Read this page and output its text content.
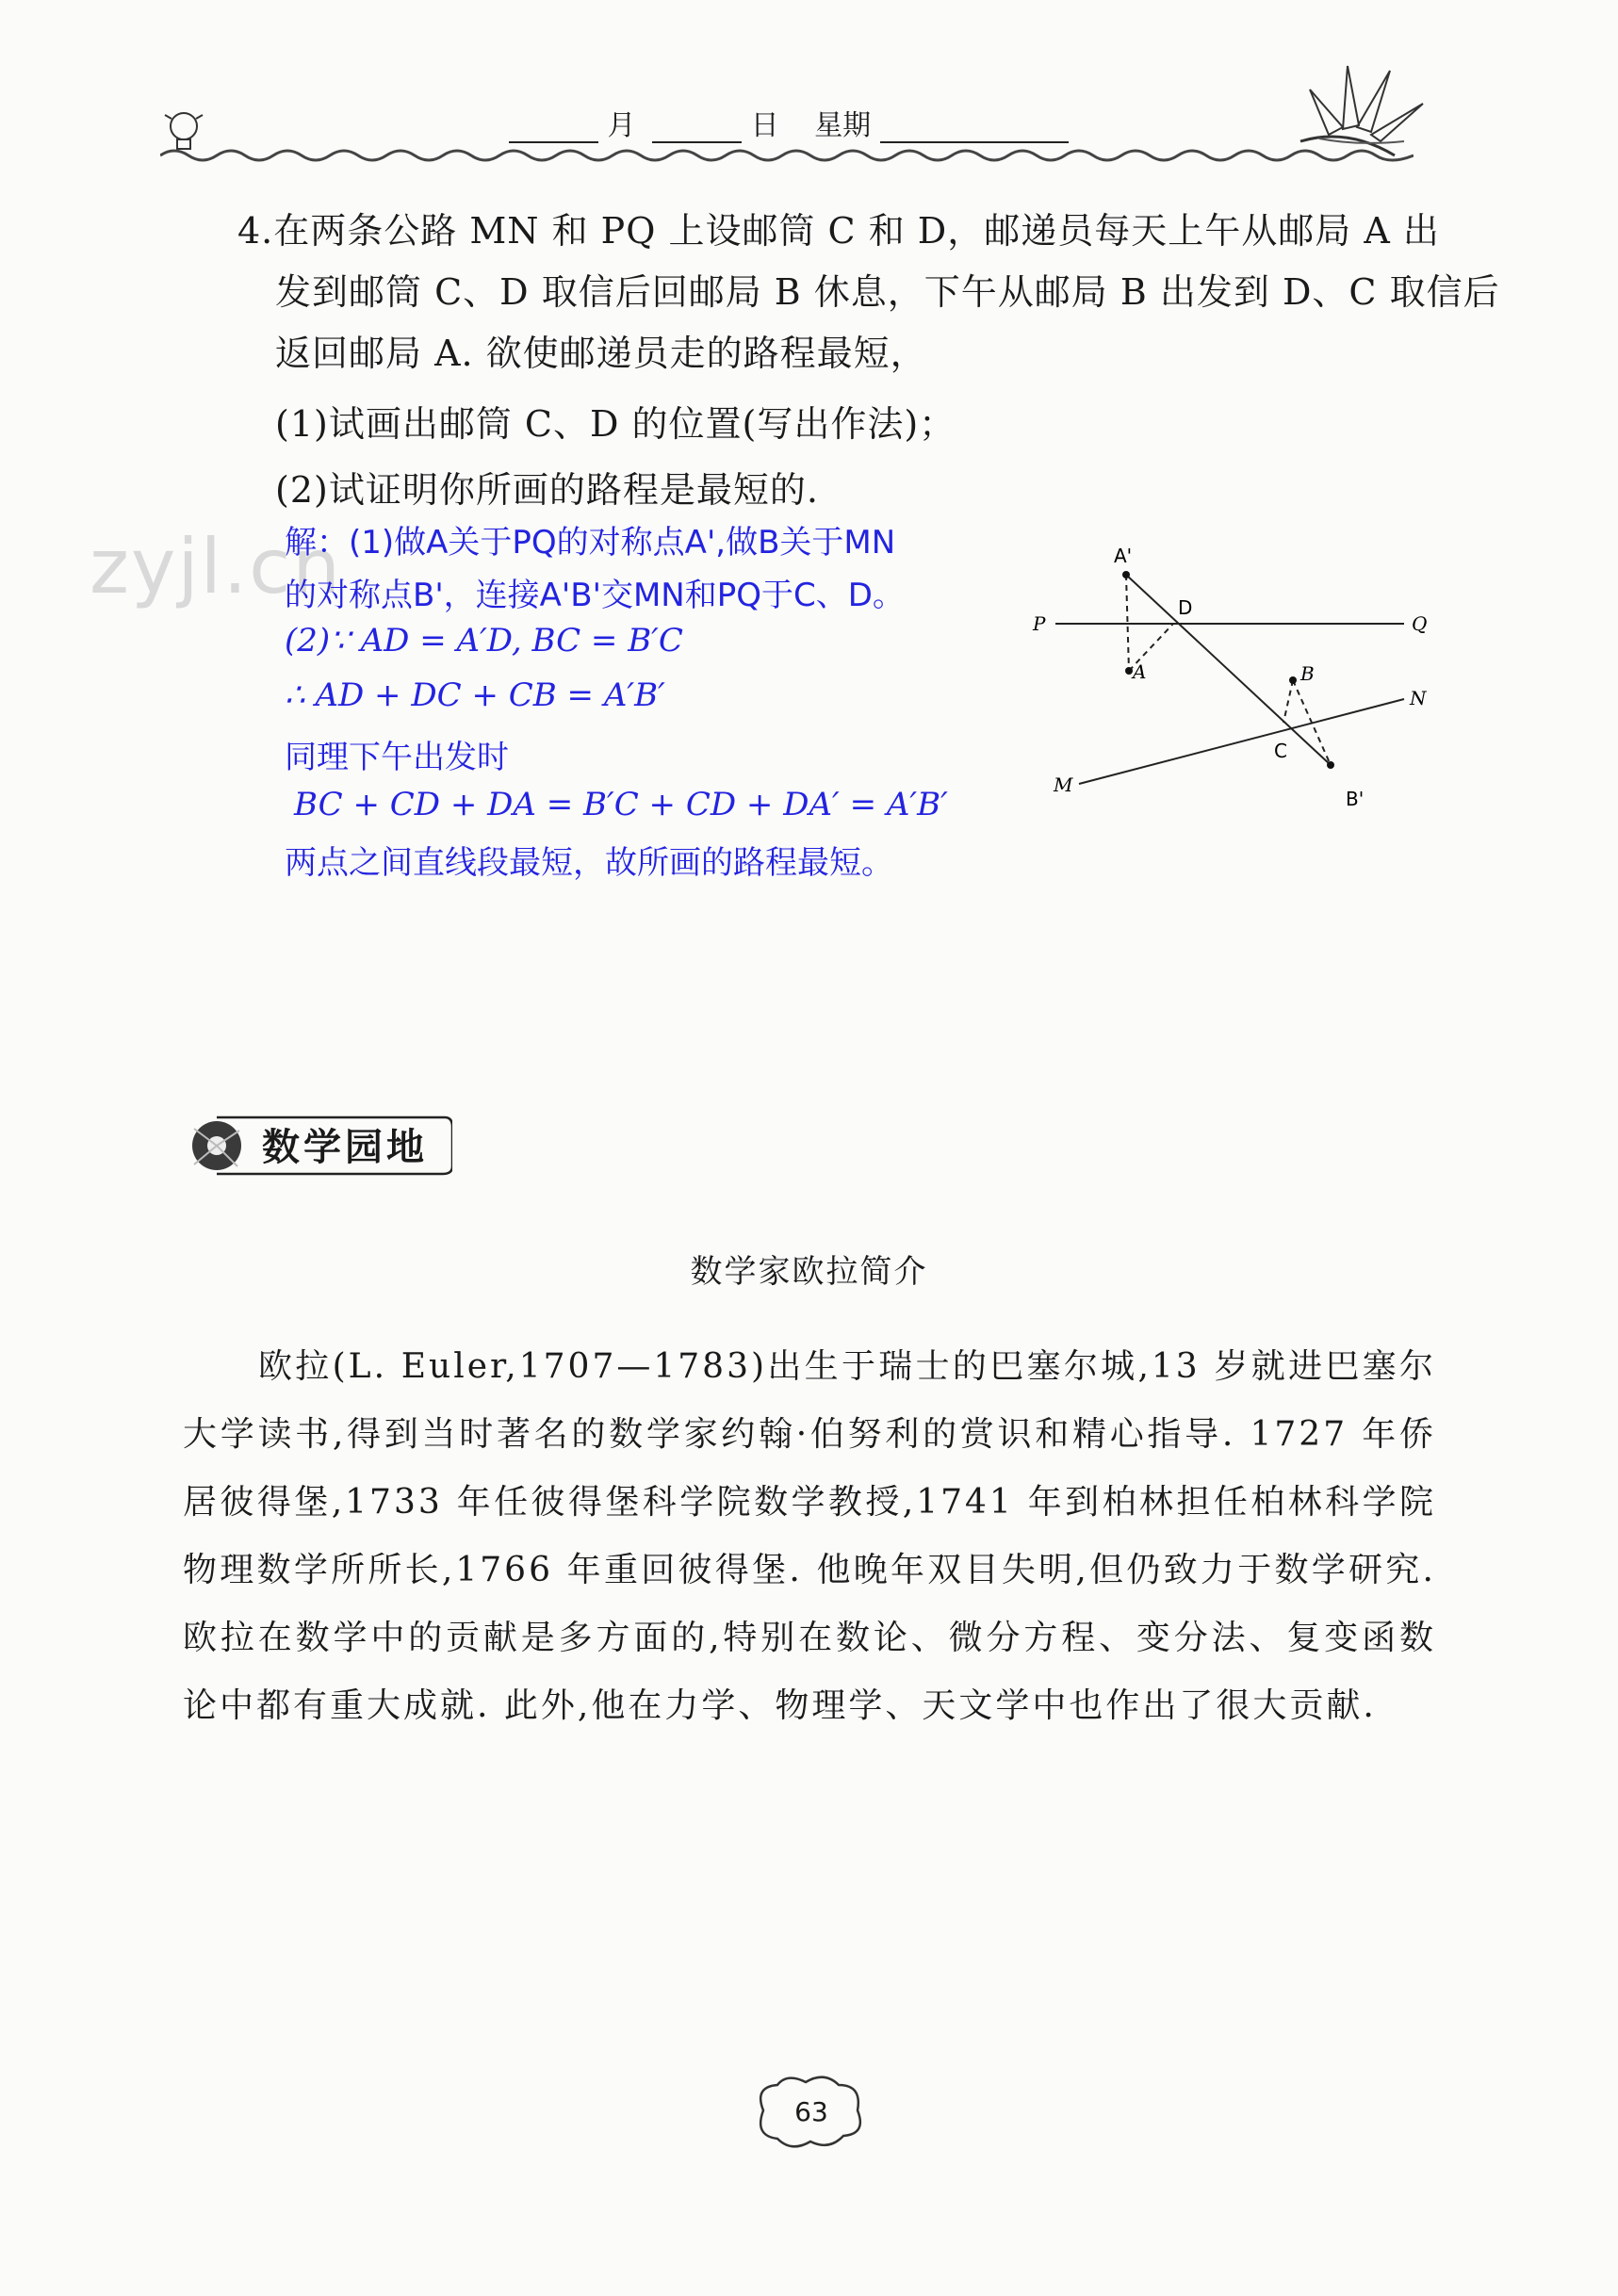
月	日 星期
4.在两条公路 MN 和 PQ 上设邮筒 C 和 D，邮递员每天上午从邮局 A 出
发到邮筒 C、D 取信后回邮局 B 休息，下午从邮局 B 出发到 D、C 取信后
返回邮局 A. 欲使邮递员走的路程最短，
(1)试画出邮筒 C、D 的位置(写出作法)；
(2)试证明你所画的路程是最短的.
zyjl.cn
解：(1)做A关于PQ的对称点A',做B关于MN
的对称点B'，连接A'B'交MN和PQ于C、D。
(2)∵ AD = A′D, BC = B′C
∴ AD + DC + CB = A′B′
同理下午出发时
BC + CD + DA = B′C + CD + DA′ = A′B′
两点之间直线段最短，故所画的路程最短。
A'
D
P	Q
A	B
N
C
M
B'
数学园地
数学家欧拉简介

欧拉(L. Euler,1707—1783)出生于瑞士的巴塞尔城,13 岁就进巴塞尔大学读书,得到当时著名的数学家约翰·伯努利的赏识和精心指导. 1727 年侨居彼得堡,1733 年任彼得堡科学院数学教授,1741 年到柏林担任柏林科学院物理数学所所长,1766 年重回彼得堡. 他晚年双目失明,但仍致力于数学研究. 欧拉在数学中的贡献是多方面的,特别在数论、微分方程、变分法、复变函数论中都有重大成就. 此外,他在力学、物理学、天文学中也作出了很大贡献.

63
